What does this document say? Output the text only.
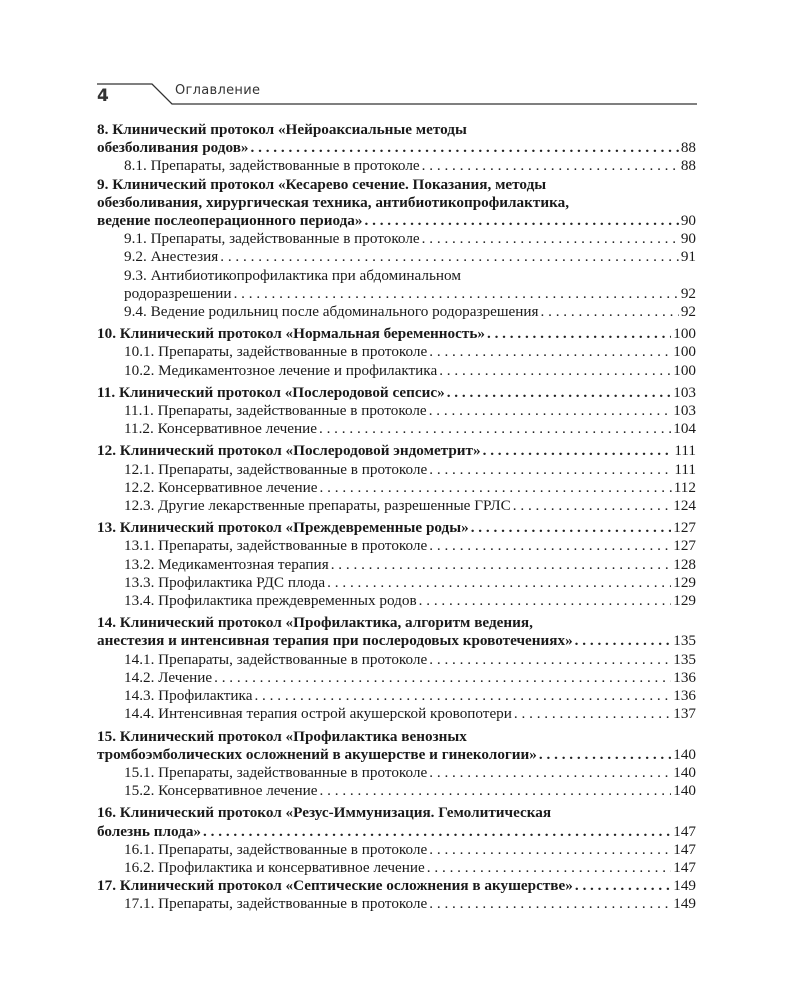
4	Оглавление
8. Клинический протокол «Нейроаксиальные методы
обезболивания родов» . . .	88
8.1. Препараты, задействованные в протоколе . . .	88
9. Клинический протокол «Кесарево сечение. Показания, методы
обезболивания, хирургическая техника, антибиотикопрофилактика,
ведение послеоперационного периода» . . .	90
9.1. Препараты, задействованные в протоколе . . .	90
9.2. Анестезия . . .	91
9.3. Антибиотикопрофилактика при абдоминальном
родоразрешении . . .	92
9.4. Ведение родильниц после абдоминального родоразрешения . . .	92
10. Клинический протокол «Нормальная беременность» . . .	100
10.1. Препараты, задействованные в протоколе . . .	100
10.2. Медикаментозное лечение и профилактика . . .	100
11. Клинический протокол «Послеродовой сепсис» . . .	103
11.1. Препараты, задействованные в протоколе . . .	103
11.2. Консервативное лечение . . .	104
12. Клинический протокол «Послеродовой эндометрит» . . .	111
12.1. Препараты, задействованные в протоколе . . .	111
12.2. Консервативное лечение . . .	112
12.3. Другие лекарственные препараты, разрешенные ГРЛС . . .	124
13. Клинический протокол «Преждевременные роды» . . .	127
13.1. Препараты, задействованные в протоколе . . .	127
13.2. Медикаментозная терапия . . .	128
13.3. Профилактика РДС плода . . .	129
13.4. Профилактика преждевременных родов . . .	129
14. Клинический протокол «Профилактика, алгоритм ведения,
анестезия и интенсивная терапия при послеродовых кровотечениях» . . .	135
14.1. Препараты, задействованные в протоколе . . .	135
14.2. Лечение . . .	136
14.3. Профилактика . . .	136
14.4. Интенсивная терапия острой акушерской кровопотери . . .	137
15. Клинический протокол «Профилактика венозных
тромбоэмболических осложнений в акушерстве и гинекологии» . . .	140
15.1. Препараты, задействованные в протоколе . . .	140
15.2. Консервативное лечение . . .	140
16. Клинический протокол «Резус-Иммунизация. Гемолитическая
болезнь плода» . . .	147
16.1. Препараты, задействованные в протоколе . . .	147
16.2. Профилактика и консервативное лечение . . .	147
17. Клинический протокол «Септические осложнения в акушерстве» . . .	149
17.1. Препараты, задействованные в протоколе . . .	149
